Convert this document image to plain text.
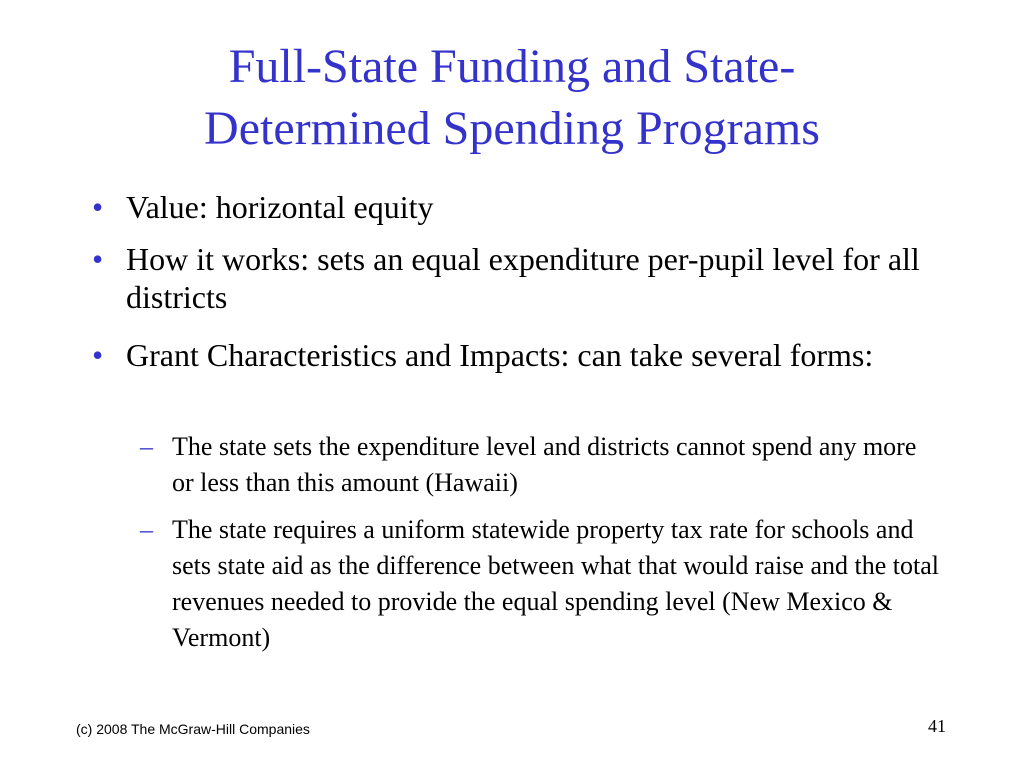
Full-State Funding and State-
Determined Spending Programs
• Value: horizontal equity
• How it works: sets an equal expenditure per-pupil level for all districts
• Grant Characteristics and Impacts: can take several forms:
– The state sets the expenditure level and districts cannot spend any more or less than this amount (Hawaii)
– The state requires a uniform statewide property tax rate for schools and sets state aid as the difference between what that would raise and the total revenues needed to provide the equal spending level (New Mexico & Vermont)
(c) 2008 The McGraw-Hill Companies	41
